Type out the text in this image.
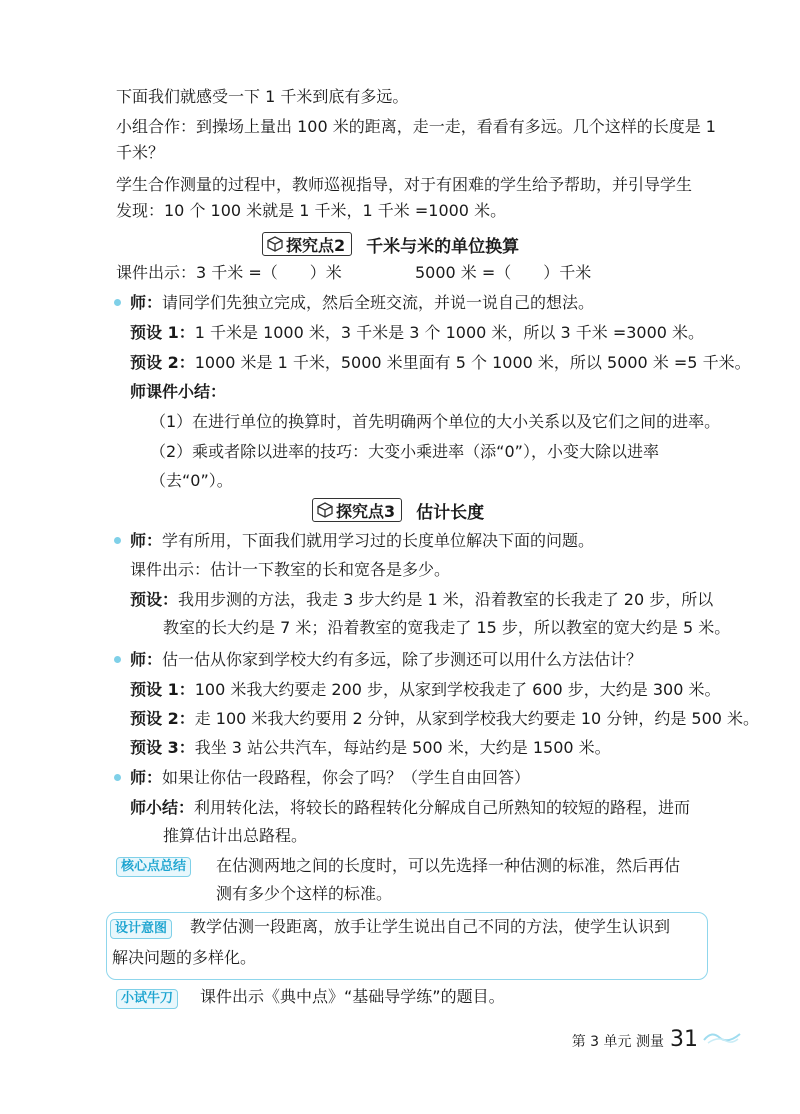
下面我们就感受一下 1 千米到底有多远。
小组合作：到操场上量出 100 米的距离，走一走，看看有多远。几个这样的长度是 1
千米？
学生合作测量的过程中，教师巡视指导，对于有困难的学生给予帮助，并引导学生
发现：10 个 100 米就是 1 千米，1 千米 =1000 米。
探究点2 千米与米的单位换算
课件出示：3 千米 =（　　）米	5000 米 =（　　）千米
师：请同学们先独立完成，然后全班交流，并说一说自己的想法。
预设 1：1 千米是 1000 米，3 千米是 3 个 1000 米，所以 3 千米 =3000 米。
预设 2：1000 米是 1 千米，5000 米里面有 5 个 1000 米，所以 5000 米 =5 千米。
师课件小结：
（1）在进行单位的换算时，首先明确两个单位的大小关系以及它们之间的进率。
（2）乘或者除以进率的技巧：大变小乘进率（添“0”），小变大除以进率
（去“0”）。
探究点3 估计长度
师：学有所用，下面我们就用学习过的长度单位解决下面的问题。
课件出示：估计一下教室的长和宽各是多少。
预设：我用步测的方法，我走 3 步大约是 1 米，沿着教室的长我走了 20 步，所以
教室的长大约是 7 米；沿着教室的宽我走了 15 步，所以教室的宽大约是 5 米。
师：估一估从你家到学校大约有多远，除了步测还可以用什么方法估计？
预设 1：100 米我大约要走 200 步，从家到学校我走了 600 步，大约是 300 米。
预设 2：走 100 米我大约要用 2 分钟，从家到学校我大约要走 10 分钟，约是 500 米。
预设 3：我坐 3 站公共汽车，每站约是 500 米，大约是 1500 米。
师：如果让你估一段路程，你会了吗？（学生自由回答）
师小结：利用转化法，将较长的路程转化分解成自己所熟知的较短的路程，进而
推算估计出总路程。
核心点总结	在估测两地之间的长度时，可以先选择一种估测的标准，然后再估
测有多少个这样的标准。
设计意图	教学估测一段距离，放手让学生说出自己不同的方法，使学生认识到
解决问题的多样化。
小试牛刀	课件出示《典中点》“基础导学练”的题目。
第 3 单元 测量 31
